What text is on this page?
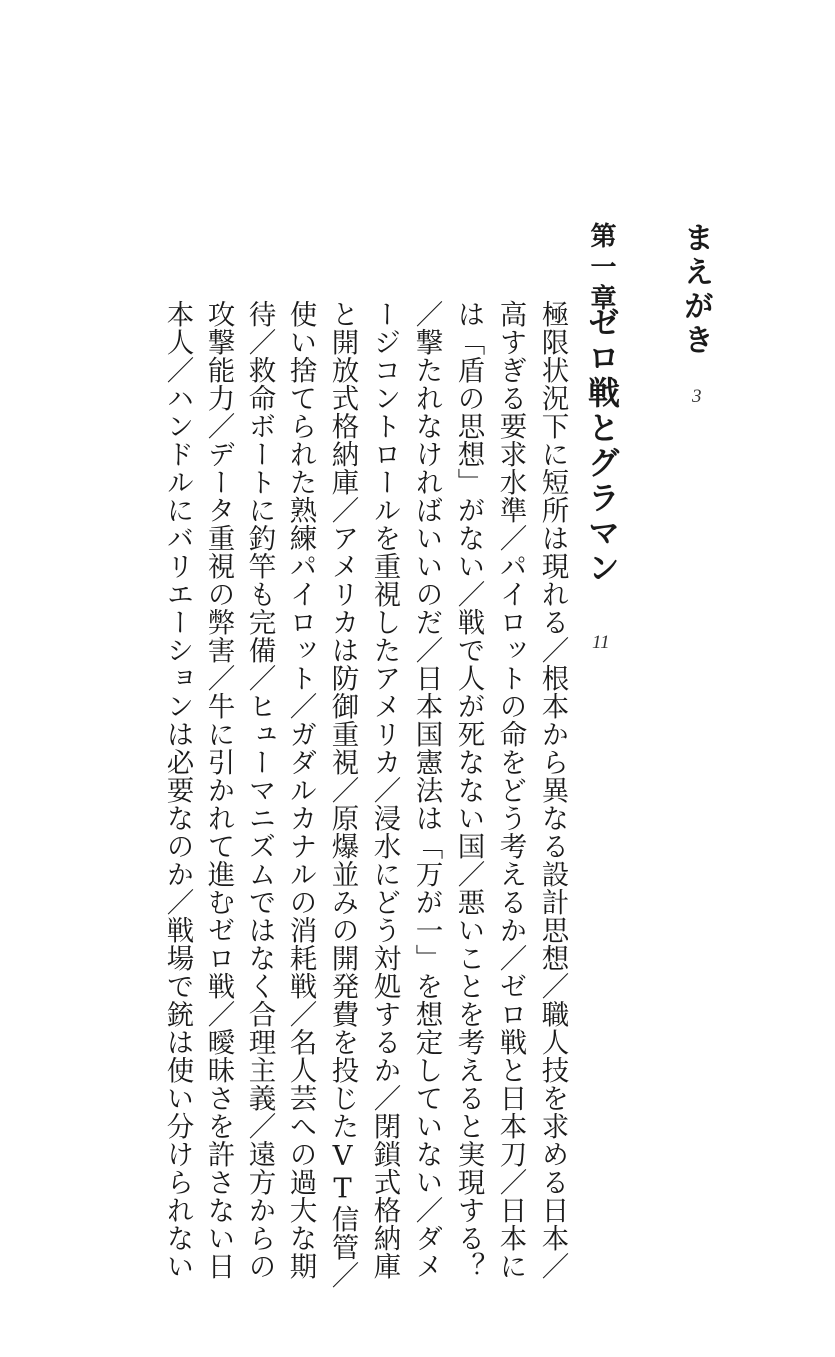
まえがき
3
第一章
ゼロ戦とグラマン
11
極限状況下に短所は現れる／根本から異なる設計思想／職人技を求める日本／
高すぎる要求水準／パイロットの命をどう考えるか／ゼロ戦と日本刀／日本に
は「盾の思想」がない／戦で人が死なない国／悪いことを考えると実現する？
／撃たれなければいいのだ／日本国憲法は「万が一」を想定していない／ダメ
ージコントロールを重視したアメリカ／浸水にどう対処するか／閉鎖式格納庫
と開放式格納庫／アメリカは防御重視／原爆並みの開発費を投じたVT信管／
使い捨てられた熟練パイロット／ガダルカナルの消耗戦／名人芸への過大な期
待／救命ボートに釣竿も完備／ヒューマニズムではなく合理主義／遠方からの
攻撃能力／データ重視の弊害／牛に引かれて進むゼロ戦／曖昧さを許さない日
本人／ハンドルにバリエーションは必要なのか／戦場で銃は使い分けられない
